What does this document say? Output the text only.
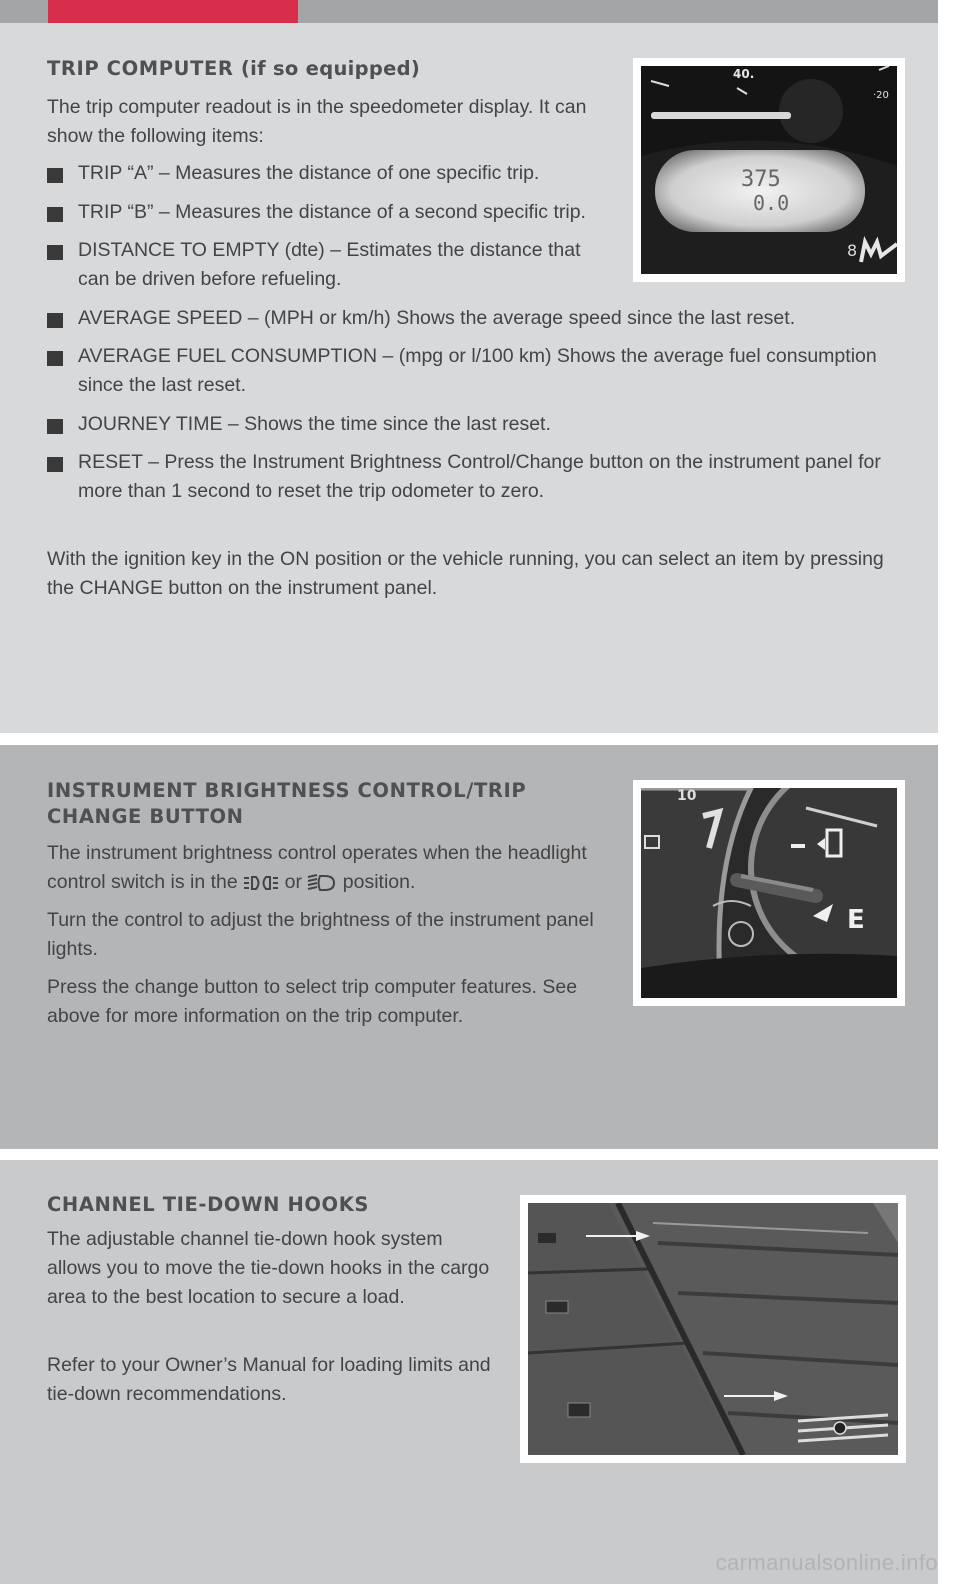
TRIP COMPUTER (if so equipped)

The trip computer readout is in the speedometer display. It can show the following items:

TRIP “A” – Measures the distance of one specific trip.
TRIP “B” – Measures the distance of a second specific trip.
DISTANCE TO EMPTY (dte) – Estimates the distance that can be driven before refueling.
AVERAGE SPEED – (MPH or km/h) Shows the average speed since the last reset.
AVERAGE FUEL CONSUMPTION – (mpg or l/100 km) Shows the average fuel consumption since the last reset.
JOURNEY TIME – Shows the time since the last reset.
RESET – Press the Instrument Brightness Control/Change button on the instrument panel for more than 1 second to reset the trip odometer to zero.

With the ignition key in the ON position or the vehicle running, you can select an item by pressing the CHANGE button on the instrument panel.

40.
·20
375
0.0
8
INSTRUMENT BRIGHTNESS CONTROL/TRIP
CHANGE BUTTON

The instrument brightness control operates when the headlight control switch is in the or position.

Turn the control to adjust the brightness of the instrument panel lights.

Press the change button to select trip computer features. See above for more information on the trip computer.

10
E
CHANNEL TIE-DOWN HOOKS

The adjustable channel tie-down hook system allows you to move the tie-down hooks in the cargo area to the best location to secure a load.

Refer to your Owner’s Manual for loading limits and tie-down recommendations.

carmanualsonline.info
